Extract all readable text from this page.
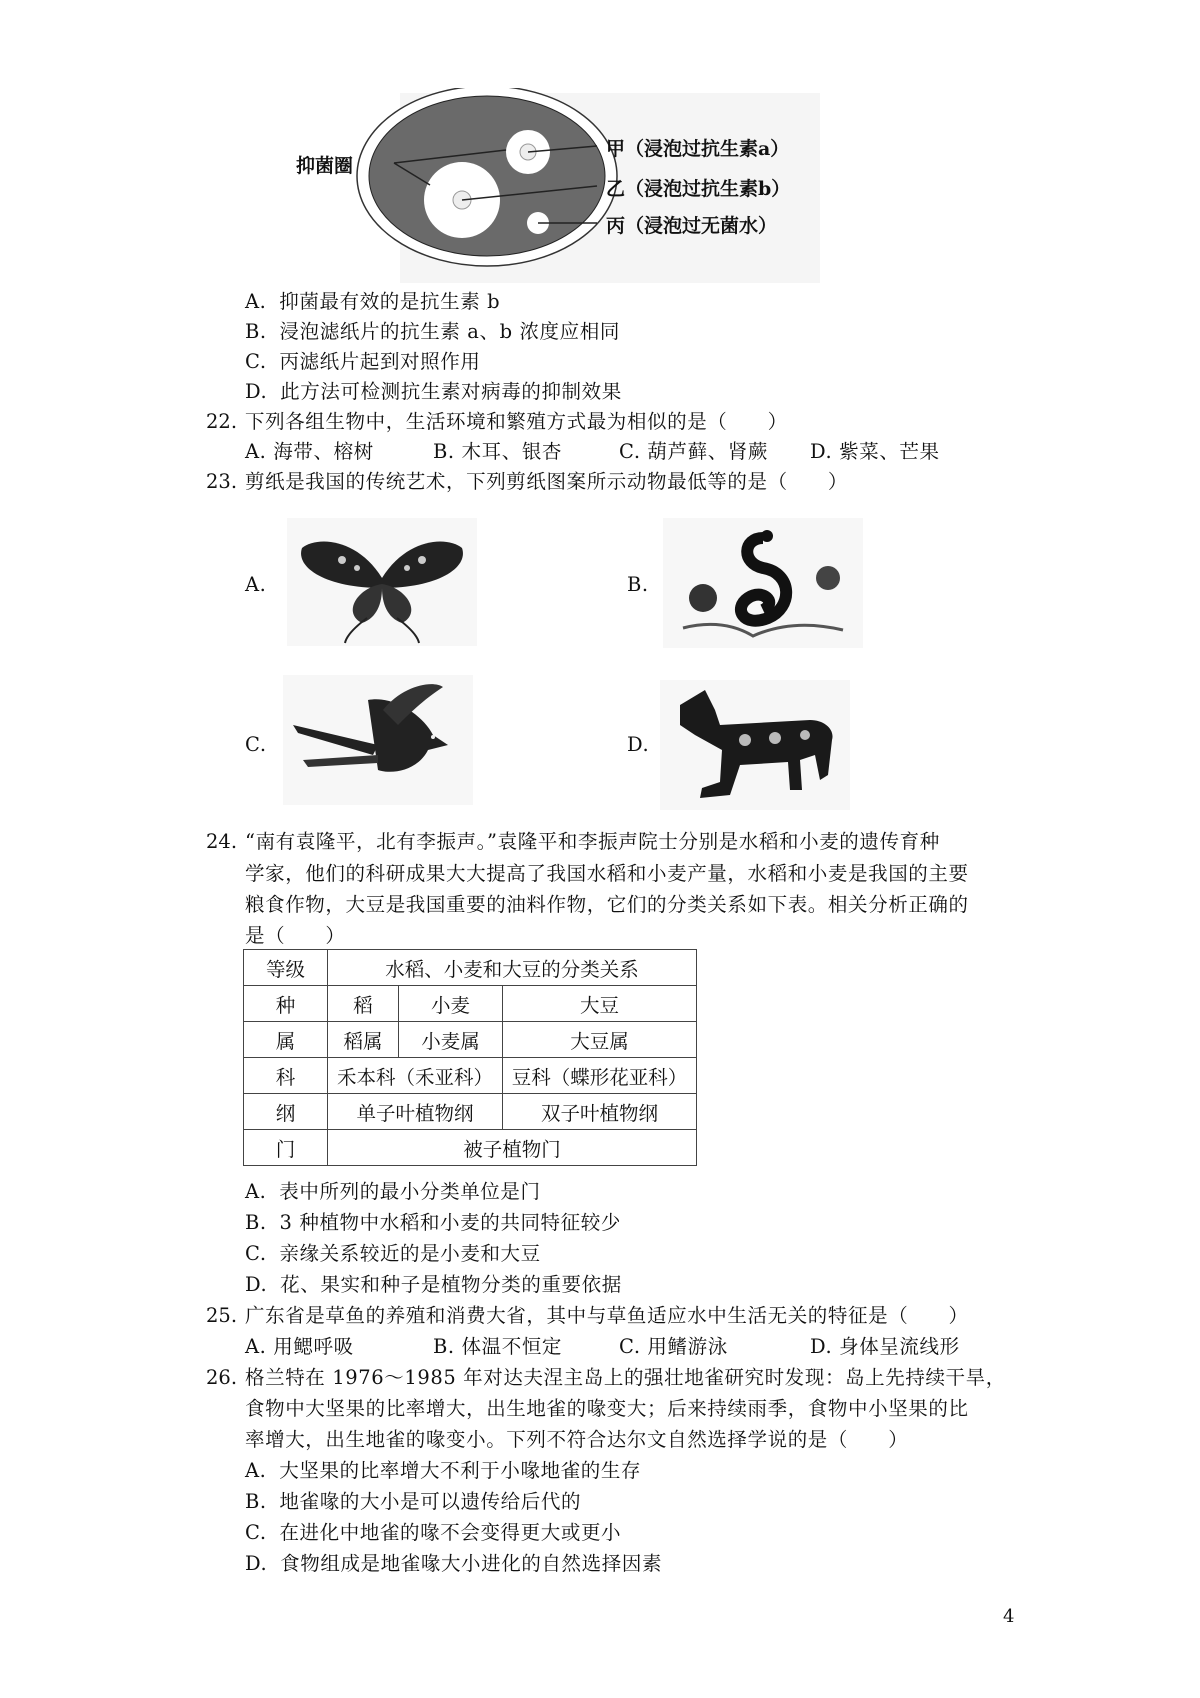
抑菌圈
甲（浸泡过抗生素a）
乙（浸泡过抗生素b）
丙（浸泡过无菌水）
A. 抑菌最有效的是抗生素 b
B. 浸泡滤纸片的抗生素 a、b 浓度应相同
C. 丙滤纸片起到对照作用
D. 此方法可检测抗生素对病毒的抑制效果
22. 下列各组生物中，生活环境和繁殖方式最为相似的是（　　）
A. 海带、榕树	B. 木耳、银杏	C. 葫芦藓、肾蕨 D. 紫菜、芒果
23. 剪纸是我国的传统艺术，下列剪纸图案所示动物最低等的是（　　）
A.	B.
C.	D.
24. “南有袁隆平，北有李振声。”袁隆平和李振声院士分别是水稻和小麦的遗传育种
学家，他们的科研成果大大提高了我国水稻和小麦产量，水稻和小麦是我国的主要
粮食作物，大豆是我国重要的油料作物，它们的分类关系如下表。相关分析正确的
是（　　）
等级	水稻、小麦和大豆的分类关系		
种	稻	小麦	大豆
属	稻属	小麦属	大豆属
科	禾本科（禾亚科）		豆科（蝶形花亚科）
纲	单子叶植物纲		双子叶植物纲
门	被子植物门		
A. 表中所列的最小分类单位是门
B. 3 种植物中水稻和小麦的共同特征较少
C. 亲缘关系较近的是小麦和大豆
D. 花、果实和种子是植物分类的重要依据
25. 广东省是草鱼的养殖和消费大省，其中与草鱼适应水中生活无关的特征是（　　）
A. 用鳃呼吸	B. 体温不恒定	C. 用鳍游泳	D. 身体呈流线形
26. 格兰特在 1976～1985 年对达夫涅主岛上的强壮地雀研究时发现：岛上先持续干旱，
食物中大坚果的比率增大，出生地雀的喙变大；后来持续雨季，食物中小坚果的比
率增大，出生地雀的喙变小。下列不符合达尔文自然选择学说的是（　　）
A. 大坚果的比率增大不利于小喙地雀的生存
B. 地雀喙的大小是可以遗传给后代的
C. 在进化中地雀的喙不会变得更大或更小
D. 食物组成是地雀喙大小进化的自然选择因素
4
